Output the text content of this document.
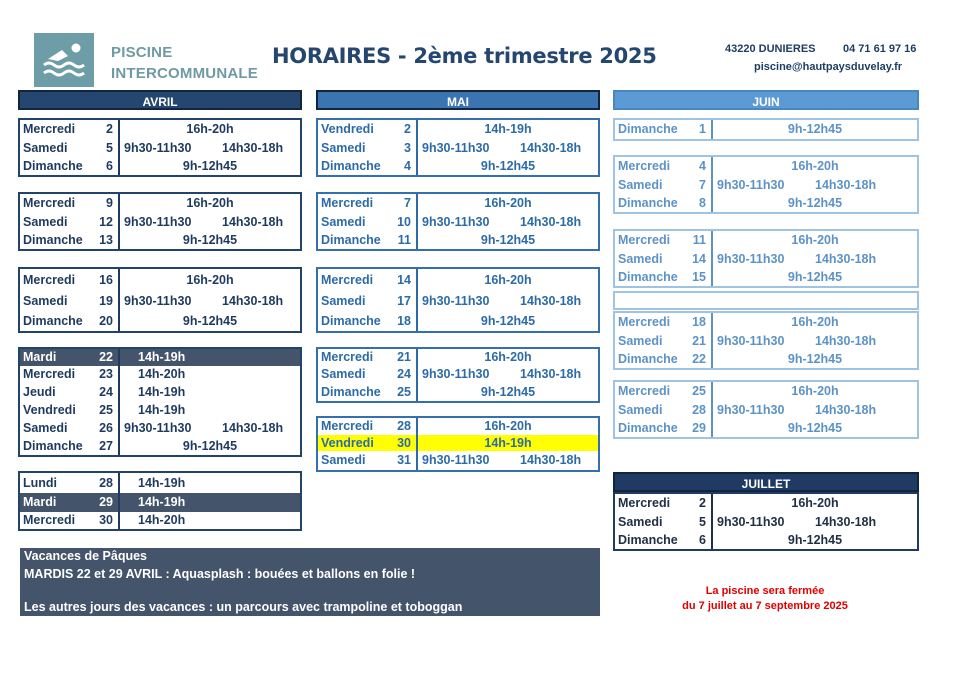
PISCINE
INTERCOMMUNALE
HORAIRES - 2ème trimestre 2025	43220 DUNIERES	04 71 61 97 16
piscine@hautpaysduvelay.fr
AVRIL	MAI	JUIN
JUILLET
Mercredi	2	16h-20h
Samedi	5 9h30-11h30 14h30-18h
Dimanche	6	9h-12h45
Mercredi	9	16h-20h
Samedi	12 9h30-11h30 14h30-18h
Dimanche	13	9h-12h45
Mercredi	16	16h-20h
Samedi	19 9h30-11h30 14h30-18h
Dimanche	20	9h-12h45
Mardi	22 14h-19h
Mercredi	23 14h-20h
Jeudi	24 14h-19h
Vendredi	25 14h-19h
Samedi	26 9h30-11h30 14h30-18h
Dimanche	27	9h-12h45
Lundi	28 14h-19h
Mardi	29 14h-19h
Mercredi	30 14h-20h
Vendredi	2	14h-19h
Samedi	3 9h30-11h30 14h30-18h
Dimanche	4	9h-12h45
Mercredi	7	16h-20h
Samedi	10 9h30-11h30 14h30-18h
Dimanche	11	9h-12h45
Mercredi	14	16h-20h
Samedi	17 9h30-11h30 14h30-18h
Dimanche	18	9h-12h45
Mercredi	21	16h-20h
Samedi	24 9h30-11h30 14h30-18h
Dimanche	25	9h-12h45
Mercredi	28	16h-20h
Vendredi	30	14h-19h
Samedi	31 9h30-11h30 14h30-18h
Dimanche	1	9h-12h45
Mercredi	4	16h-20h
Samedi	7 9h30-11h30 14h30-18h
Dimanche	8	9h-12h45
Mercredi	11	16h-20h
Samedi	14 9h30-11h30 14h30-18h
Dimanche	15	9h-12h45
Mercredi	18	16h-20h
Samedi	21 9h30-11h30 14h30-18h
Dimanche	22	9h-12h45
Mercredi	25	16h-20h
Samedi	28 9h30-11h30 14h30-18h
Dimanche	29	9h-12h45
Mercredi	2	16h-20h
Samedi	5 9h30-11h30 14h30-18h
Dimanche	6	9h-12h45
Vacances de Pâques
MARDIS 22 et 29 AVRIL : Aquasplash : bouées et ballons en folie !
Les autres jours des vacances : un parcours avec trampoline et toboggan
La piscine sera fermée
du 7 juillet au 7 septembre 2025
